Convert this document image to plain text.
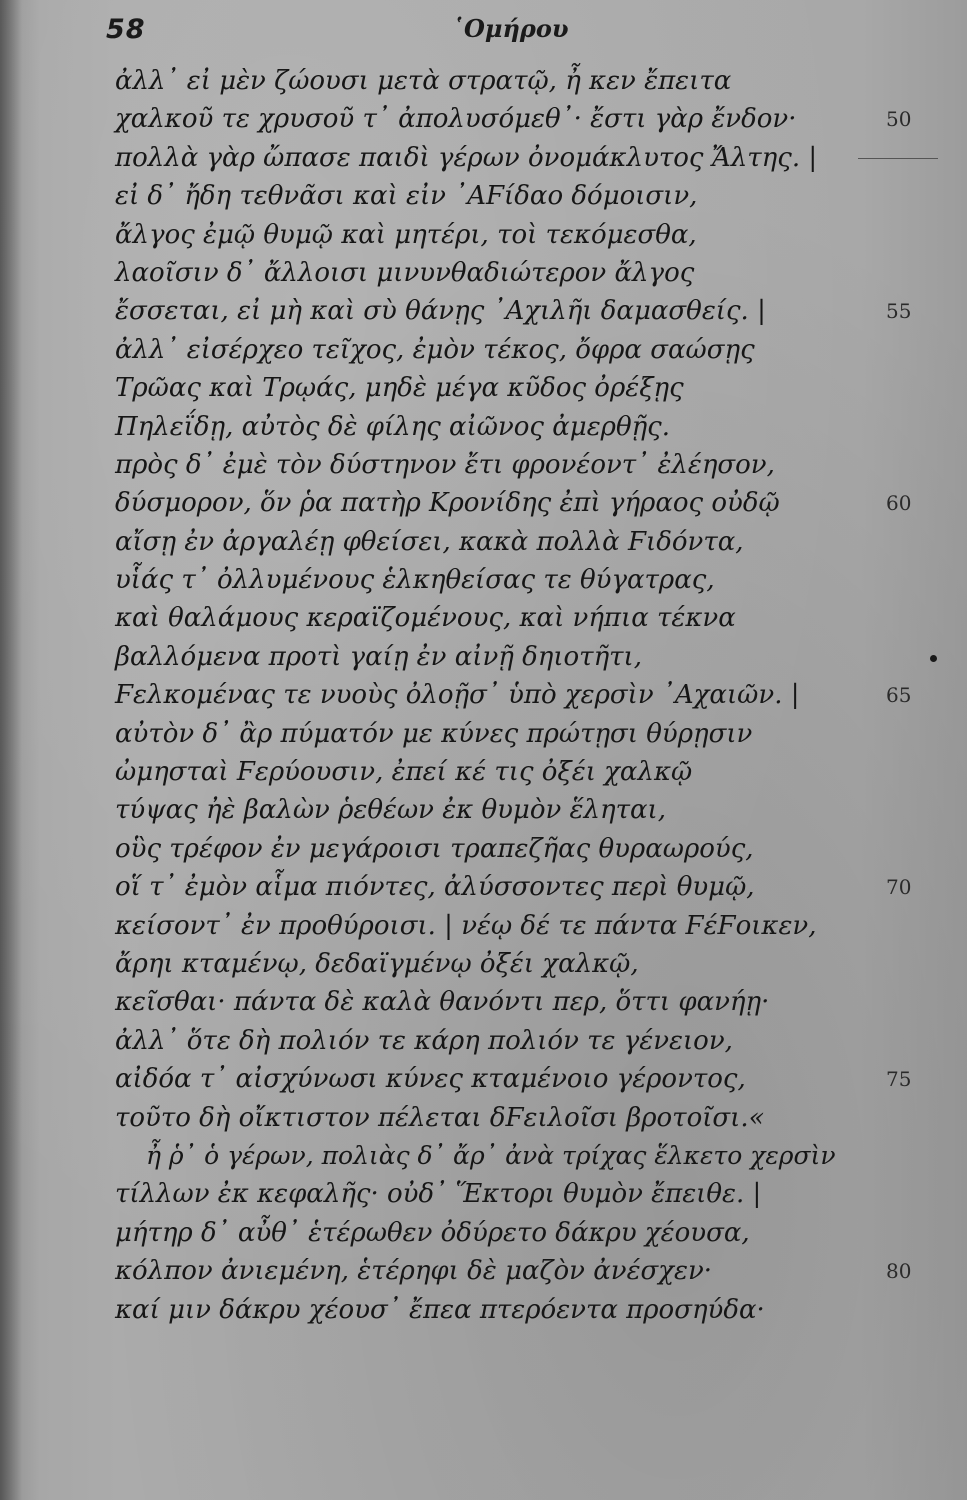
58	῾Ομήρου
ἀλλ᾽ εἰ μὲν ζώουσι μετὰ στρατῷ, ἦ κεν ἔπειτα
χαλκοῦ τε χρυσοῦ τ᾽ ἀπολυσόμεθ᾽· ἔστι γὰρ ἔνδον·	50
πολλὰ γὰρ ὤπασε παιδὶ γέρων ὀνομάκλυτος Ἄλτης. |
εἰ δ᾽ ἤδη τεθνᾶσι καὶ εἰν ᾿ΑϜίδαο δόμοισιν,
ἄλγος ἐμῷ θυμῷ καὶ μητέρι, τοὶ τεκόμεσθα,
λαοῖσιν δ᾽ ἄλλοισι μινυνθαδιώτερον ἄλγος
ἔσσεται, εἰ μὴ καὶ σὺ θάνῃς ᾿Αχιλῆι δαμασθείς. |	55
ἀλλ᾽ εἰσέρχεο τεῖχος, ἐμὸν τέκος, ὄφρα σαώσῃς
Τρῶας καὶ Τρῳάς, μηδὲ μέγα κῦδος ὀρέξῃς
Πηλεΐδῃ, αὐτὸς δὲ φίλης αἰῶνος ἀμερθῇς.
πρὸς δ᾽ ἐμὲ τὸν δύστηνον ἔτι φρονέοντ᾽ ἐλέησον,
δύσμορον, ὅν ῥα πατὴρ Κρονίδης ἐπὶ γήραος οὐδῷ	60
αἴσῃ ἐν ἀργαλέῃ φθείσει, κακὰ πολλὰ Ϝιδόντα,
υἷάς τ᾽ ὀλλυμένους ἑλκηθείσας τε θύγατρας,
καὶ θαλάμους κεραϊζομένους, καὶ νήπια τέκνα
βαλλόμενα προτὶ γαίῃ ἐν αἰνῇ δηιοτῆτι,
Ϝελκομένας τε νυοὺς ὀλοῇσ᾽ ὑπὸ χερσὶν ᾿Αχαιῶν. |	65
αὐτὸν δ᾽ ἂρ πύματόν με κύνες πρώτῃσι θύρῃσιν
ὠμησταὶ Ϝερύουσιν, ἐπεί κέ τις ὀξέι χαλκῷ
τύψας ἠὲ βαλὼν ῥεθέων ἐκ θυμὸν ἕληται,
οὓς τρέφον ἐν μεγάροισι τραπεζῆας θυραωρούς,
οἵ τ᾽ ἐμὸν αἷμα πιόντες, ἀλύσσοντες περὶ θυμῷ,	70
κείσοντ᾽ ἐν προθύροισι. | νέῳ δέ τε πάντα ϜέϜοικεν,
ἄρηι κταμένῳ, δεδαϊγμένῳ ὀξέι χαλκῷ,
κεῖσθαι· πάντα δὲ καλὰ θανόντι περ, ὅττι φανήῃ·
ἀλλ᾽ ὅτε δὴ πολιόν τε κάρη πολιόν τε γένειον,
αἰδόα τ᾽ αἰσχύνωσι κύνες κταμένοιο γέροντος,	75
τοῦτο δὴ οἴκτιστον πέλεται δϜειλοῖσι βροτοῖσι.«
ἦ ῥ᾽ ὁ γέρων, πολιὰς δ᾽ ἄρ᾽ ἀνὰ τρίχας ἕλκετο χερσὶν
τίλλων ἐκ κεφαλῆς· οὐδ᾽ Ἕκτορι θυμὸν ἔπειθε. |
μήτηρ δ᾽ αὖθ᾽ ἑτέρωθεν ὀδύρετο δάκρυ χέουσα,
κόλπον ἀνιεμένη, ἑτέρηφι δὲ μαζὸν ἀνέσχεν·	80
καί μιν δάκρυ χέουσ᾽ ἔπεα πτερόεντα προσηύδα·
